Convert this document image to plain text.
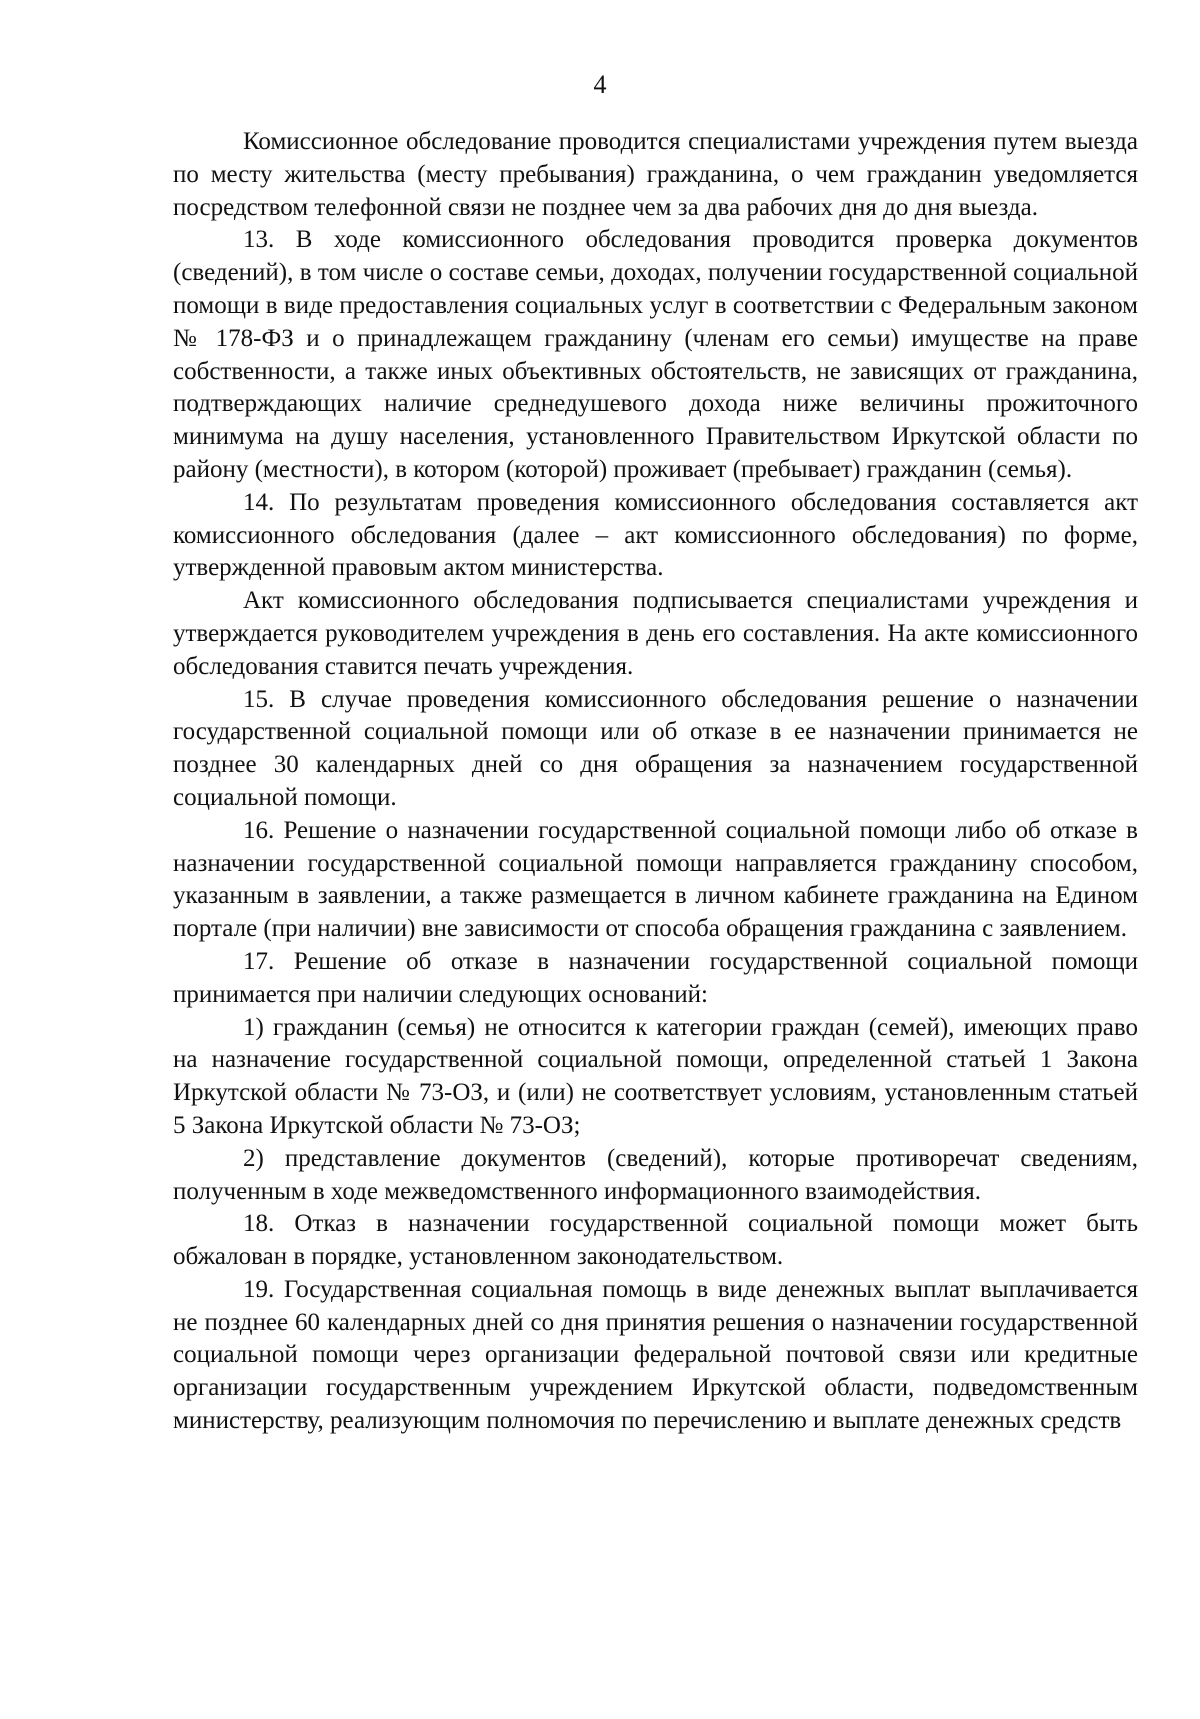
4

Комиссионное обследование проводится специалистами учреждения путем выезда по месту жительства (месту пребывания) гражданина, о чем гражданин уведомляется посредством телефонной связи не позднее чем за два рабочих дня до дня выезда.

13. В ходе комиссионного обследования проводится проверка документов (сведений), в том числе о составе семьи, доходах, получении государственной социальной помощи в виде предоставления социальных услуг в соответствии с Федеральным законом № 178-ФЗ и о принадлежащем гражданину (членам его семьи) имуществе на праве собственности, а также иных объективных обстоятельств, не зависящих от гражданина, подтверждающих наличие среднедушевого дохода ниже величины прожиточного минимума на душу населения, установленного Правительством Иркутской области по району (местности), в котором (которой) проживает (пребывает) гражданин (семья).

14. По результатам проведения комиссионного обследования составляется акт комиссионного обследования (далее – акт комиссионного обследования) по форме, утвержденной правовым актом министерства.

Акт комиссионного обследования подписывается специалистами учреждения и утверждается руководителем учреждения в день его составления. На акте комиссионного обследования ставится печать учреждения.

15. В случае проведения комиссионного обследования решение о назначении государственной социальной помощи или об отказе в ее назначении принимается не позднее 30 календарных дней со дня обращения за назначением государственной социальной помощи.

16. Решение о назначении государственной социальной помощи либо об отказе в назначении государственной социальной помощи направляется гражданину способом, указанным в заявлении, а также размещается в личном кабинете гражданина на Едином портале (при наличии) вне зависимости от способа обращения гражданина с заявлением.

17. Решение об отказе в назначении государственной социальной помощи принимается при наличии следующих оснований:

1) гражданин (семья) не относится к категории граждан (семей), имеющих право на назначение государственной социальной помощи, определенной статьей 1 Закона Иркутской области № 73-ОЗ, и (или) не соответствует условиям, установленным статьей 5 Закона Иркутской области № 73-ОЗ;

2) представление документов (сведений), которые противоречат сведениям, полученным в ходе межведомственного информационного взаимодействия.

18. Отказ в назначении государственной социальной помощи может быть обжалован в порядке, установленном законодательством.

19. Государственная социальная помощь в виде денежных выплат выплачивается не позднее 60 календарных дней со дня принятия решения о назначении государственной социальной помощи через организации федеральной почтовой связи или кредитные организации государственным учреждением Иркутской области, подведомственным министерству, реализующим полномочия по перечислению и выплате денежных средств
